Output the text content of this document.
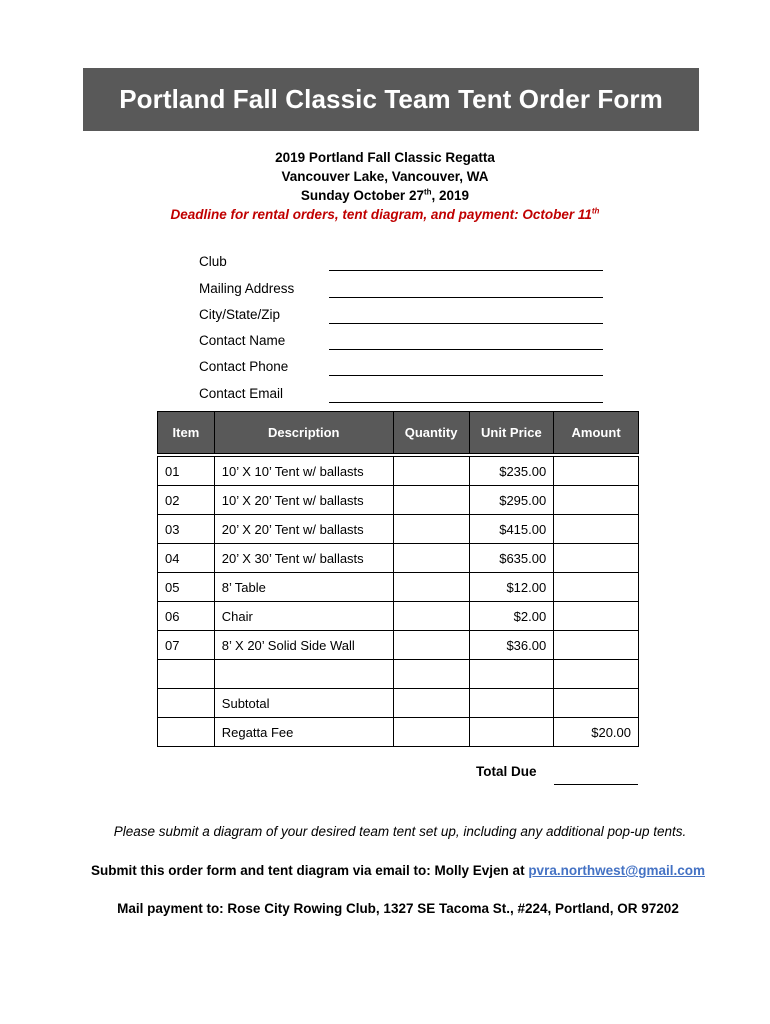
Portland Fall Classic Team Tent Order Form
2019 Portland Fall Classic Regatta
Vancouver Lake, Vancouver, WA
Sunday October 27th, 2019
Deadline for rental orders, tent diagram, and payment: October 11th
Club
Mailing Address
City/State/Zip
Contact Name
Contact Phone
Contact Email
Item	Description	Quantity	Unit Price	Amount

01	10’ X 10’ Tent w/ ballasts		$235.00	
02	10’ X 20’ Tent w/ ballasts		$295.00	
03	20’ X 20’ Tent w/ ballasts		$415.00	
04	20’ X 30’ Tent w/ ballasts		$635.00	
05	8’ Table		$12.00	
06	Chair		$2.00	
07	8’ X 20’ Solid Side Wall		$36.00	

	Subtotal			
	Regatta Fee			$20.00
Total Due
Please submit a diagram of your desired team tent set up, including any additional pop-up tents.
Submit this order form and tent diagram via email to: Molly Evjen at pvra.northwest@gmail.com
Mail payment to: Rose City Rowing Club, 1327 SE Tacoma St., #224, Portland, OR 97202
